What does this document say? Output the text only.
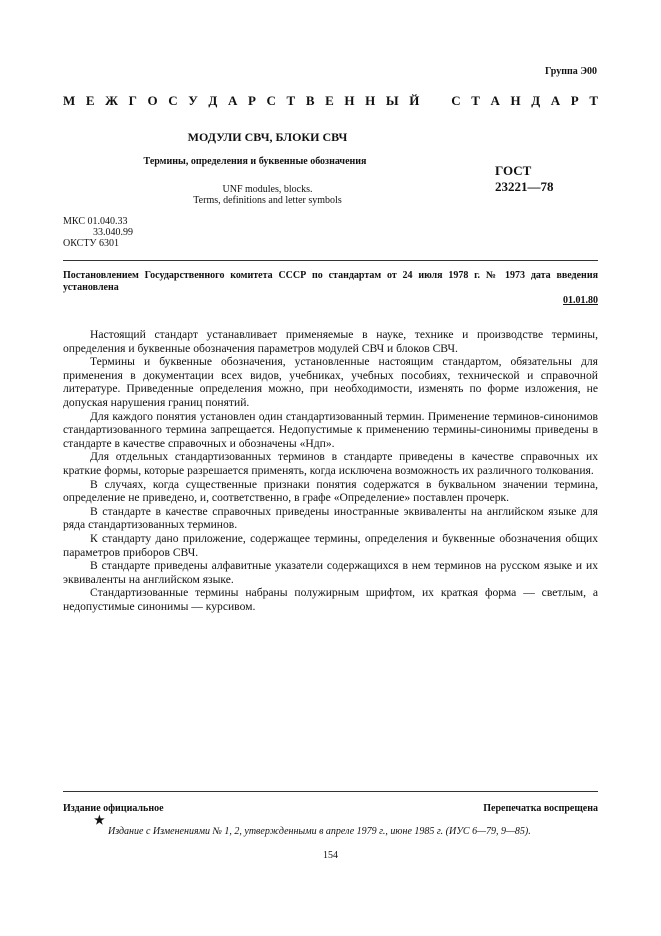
Группа Э00
М Е Ж Г О С У Д А Р С Т В Е Н Н Ы Й С Т А Н Д А Р Т
МОДУЛИ СВЧ, БЛОКИ СВЧ
Термины, определения и буквенные обозначения
UNF modules, blocks.
Terms, definitions and letter symbols
ГОСТ
23221—78
МКС 01.040.33
33.040.99
ОКСТУ 6301
Постановлением Государственного комитета СССР по стандартам от 24 июля 1978 г. № 1973 дата введения установлена
01.01.80

Настоящий стандарт устанавливает применяемые в науке, технике и производстве термины, определения и буквенные обозначения параметров модулей СВЧ и блоков СВЧ.

Термины и буквенные обозначения, установленные настоящим стандартом, обязательны для применения в документации всех видов, учебниках, учебных пособиях, технической и справочной литературе. Приведенные определения можно, при необходимости, изменять по форме изложения, не допуская нарушения границ понятий.

Для каждого понятия установлен один стандартизованный термин. Применение терминов-синонимов стандартизованного термина запрещается. Недопустимые к применению термины-синонимы приведены в стандарте в качестве справочных и обозначены «Ндп».

Для отдельных стандартизованных терминов в стандарте приведены в качестве справочных их краткие формы, которые разрешается применять, когда исключена возможность их различного толкования.

В случаях, когда существенные признаки понятия содержатся в буквальном значении термина, определение не приведено, и, соответственно, в графе «Определение» поставлен прочерк.

В стандарте в качестве справочных приведены иностранные эквиваленты на английском языке для ряда стандартизованных терминов.

К стандарту дано приложение, содержащее термины, определения и буквенные обозначения общих параметров приборов СВЧ.

В стандарте приведены алфавитные указатели содержащихся в нем терминов на русском языке и их эквиваленты на английском языке.

Стандартизованные термины набраны полужирным шрифтом, их краткая форма — светлым, а недопустимые синонимы — курсивом.

Издание официальное	Перепечатка воспрещена
★
Издание с Изменениями № 1, 2, утвержденными в апреле 1979 г., июне 1985 г. (ИУС 6—79, 9—85).
154
